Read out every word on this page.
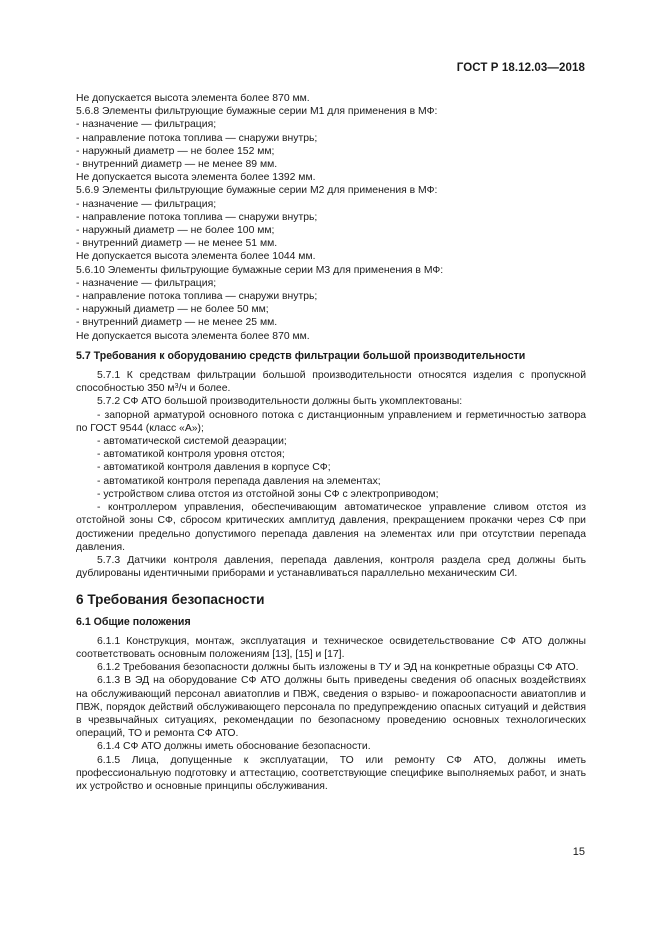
ГОСТ Р 18.12.03—2018
Не допускается высота элемента более 870 мм.
5.6.8 Элементы фильтрующие бумажные серии М1 для применения в МФ:
- назначение — фильтрация;
- направление потока топлива — снаружи внутрь;
- наружный диаметр — не более 152 мм;
- внутренний диаметр — не менее 89 мм.
Не допускается высота элемента более 1392 мм.
5.6.9 Элементы фильтрующие бумажные серии М2 для применения в МФ:
- назначение — фильтрация;
- направление потока топлива — снаружи внутрь;
- наружный диаметр — не более 100 мм;
- внутренний диаметр — не менее 51 мм.
Не допускается высота элемента более 1044 мм.
5.6.10 Элементы фильтрующие бумажные серии М3 для применения в МФ:
- назначение — фильтрация;
- направление потока топлива — снаружи внутрь;
- наружный диаметр — не более 50 мм;
- внутренний диаметр — не менее 25 мм.
Не допускается высота элемента более 870 мм.
5.7 Требования к оборудованию средств фильтрации большой производительности
5.7.1 К средствам фильтрации большой производительности относятся изделия с пропускной способностью 350 $м^3/ч$ и более.
5.7.2 СФ АТО большой производительности должны быть укомплектованы:
- запорной арматурой основного потока с дистанционным управлением и герметичностью затвора по ГОСТ 9544 (класс «А»);
- автоматической системой деаэрации;
- автоматикой контроля уровня отстоя;
- автоматикой контроля давления в корпусе СФ;
- автоматикой контроля перепада давления на элементах;
- устройством слива отстоя из отстойной зоны СФ с электроприводом;
- контроллером управления, обеспечивающим автоматическое управление сливом отстоя из отстойной зоны СФ, сбросом критических амплитуд давления, прекращением прокачки через СФ при достижении предельно допустимого перепада давления на элементах или при отсутствии перепада давления.
5.7.3 Датчики контроля давления, перепада давления, контроля раздела сред должны быть дублированы идентичными приборами и устанавливаться параллельно механическим СИ.
6 Требования безопасности
6.1 Общие положения
6.1.1 Конструкция, монтаж, эксплуатация и техническое освидетельствование СФ АТО должны соответствовать основным положениям [13], [15] и [17].
6.1.2 Требования безопасности должны быть изложены в ТУ и ЭД на конкретные образцы СФ АТО.
6.1.3 В ЭД на оборудование СФ АТО должны быть приведены сведения об опасных воздействиях на обслуживающий персонал авиатоплив и ПВЖ, сведения о взрыво- и пожароопасности авиатоплив и ПВЖ, порядок действий обслуживающего персонала по предупреждению опасных ситуаций и действия в чрезвычайных ситуациях, рекомендации по безопасному проведению основных технологических операций, ТО и ремонта СФ АТО.
6.1.4 СФ АТО должны иметь обоснование безопасности.
6.1.5 Лица, допущенные к эксплуатации, ТО или ремонту СФ АТО, должны иметь профессиональную подготовку и аттестацию, соответствующие специфике выполняемых работ, и знать их устройство и основные принципы обслуживания.
15
